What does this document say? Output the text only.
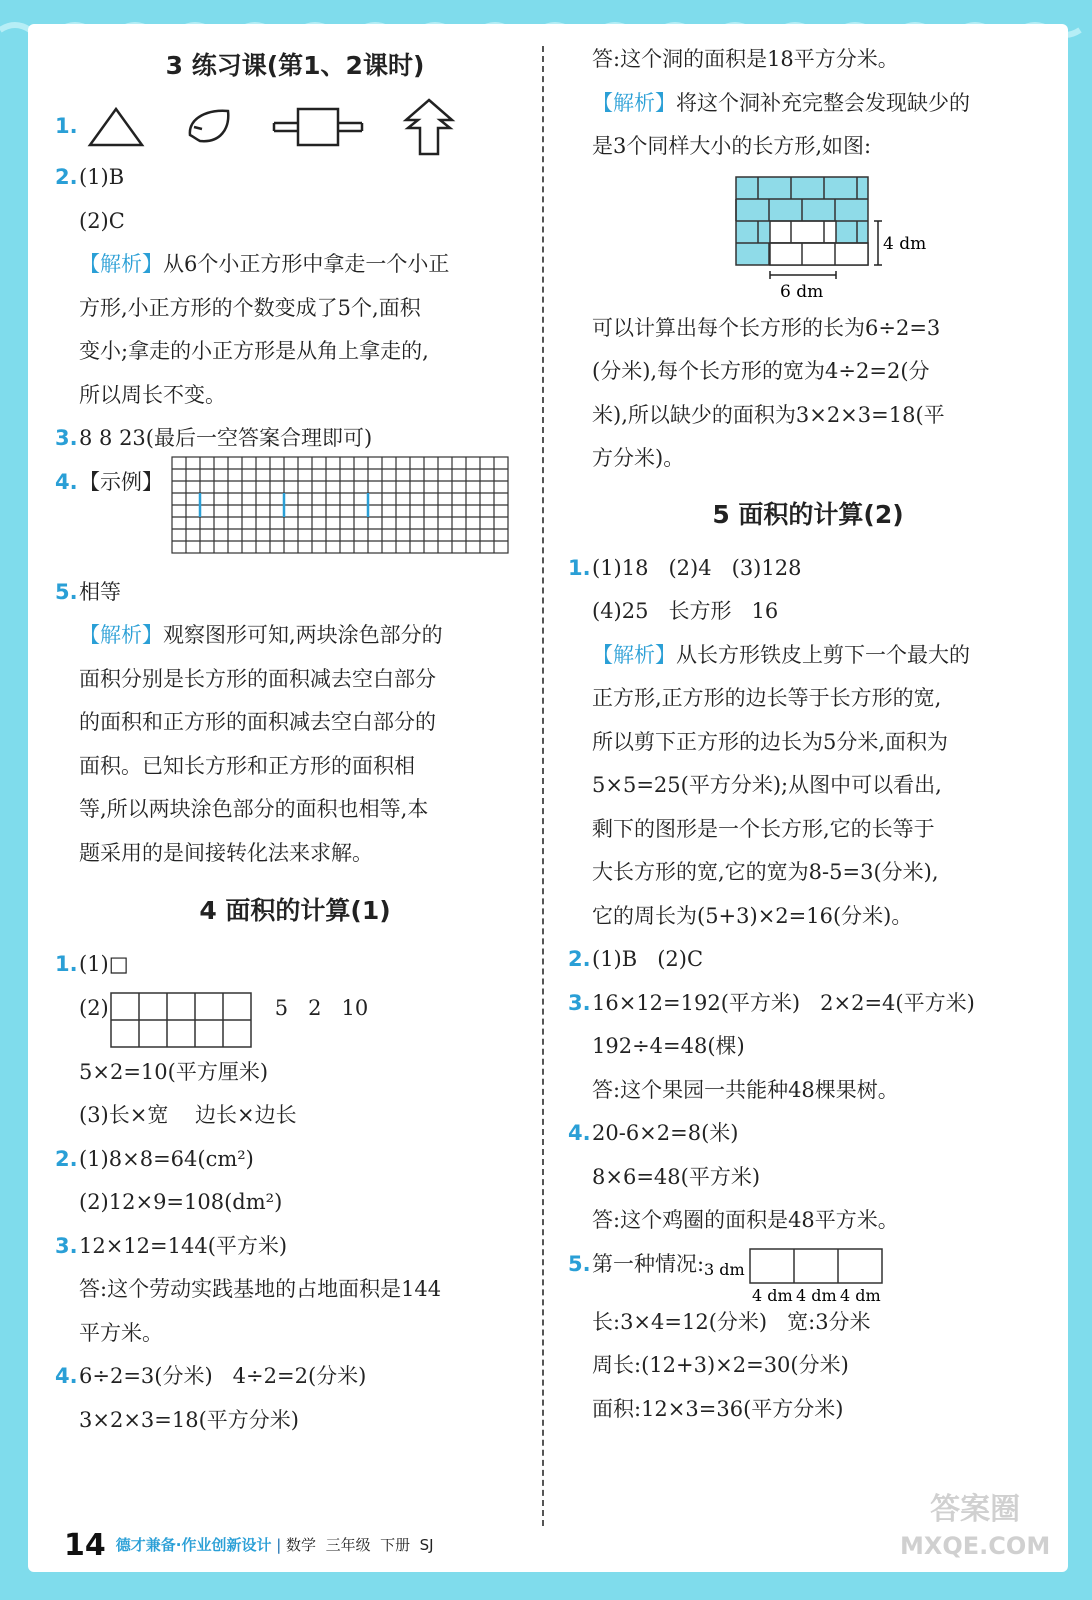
3 练习课(第1、2课时)
1.
2.(1)B
(2)C
【解析】从6个小正方形中拿走一个小正
方形,小正方形的个数变成了5个,面积
变小;拿走的小正方形是从角上拿走的,
所以周长不变。
3.8 8 23(最后一空答案合理即可)
4.【示例】
5.相等
【解析】观察图形可知,两块涂色部分的
面积分别是长方形的面积减去空白部分
的面积和正方形的面积减去空白部分的
面积。已知长方形和正方形的面积相
等,所以两块涂色部分的面积也相等,本
题采用的是间接转化法来求解。
4 面积的计算(1)
1.(1)□
(2)	5   2   10
5×2=10(平方厘米)
(3)长×宽    边长×边长
2.(1)8×8=64(cm²)
(2)12×9=108(dm²)
3.12×12=144(平方米)
答:这个劳动实践基地的占地面积是144
平方米。
4.6÷2=3(分米)   4÷2=2(分米)
3×2×3=18(平方分米)
答:这个洞的面积是18平方分米。
【解析】将这个洞补充完整会发现缺少的
是3个同样大小的长方形,如图:
4 dm
6 dm
可以计算出每个长方形的长为6÷2=3
(分米),每个长方形的宽为4÷2=2(分
米),所以缺少的面积为3×2×3=18(平
方分米)。
5 面积的计算(2)
1.(1)18   (2)4   (3)128
(4)25   长方形   16
【解析】从长方形铁皮上剪下一个最大的
正方形,正方形的边长等于长方形的宽,
所以剪下正方形的边长为5分米,面积为
5×5=25(平方分米);从图中可以看出,
剩下的图形是一个长方形,它的长等于
大长方形的宽,它的宽为8-5=3(分米),
它的周长为(5+3)×2=16(分米)。
2.(1)B   (2)C
3.16×12=192(平方米)   2×2=4(平方米)
192÷4=48(棵)
答:这个果园一共能种48棵果树。
4.20-6×2=8(米)
8×6=48(平方米)
答:这个鸡圈的面积是48平方米。
5.第一种情况: 3 dm
4 dm 4 dm 4 dm
长:3×4=12(分米)   宽:3分米
周长:(12+3)×2=30(分米)
面积:12×3=36(平方分米)
14 德才兼备·作业创新设计 | 数学  三年级  下册  SJ
答案圈
MXQE.COM
